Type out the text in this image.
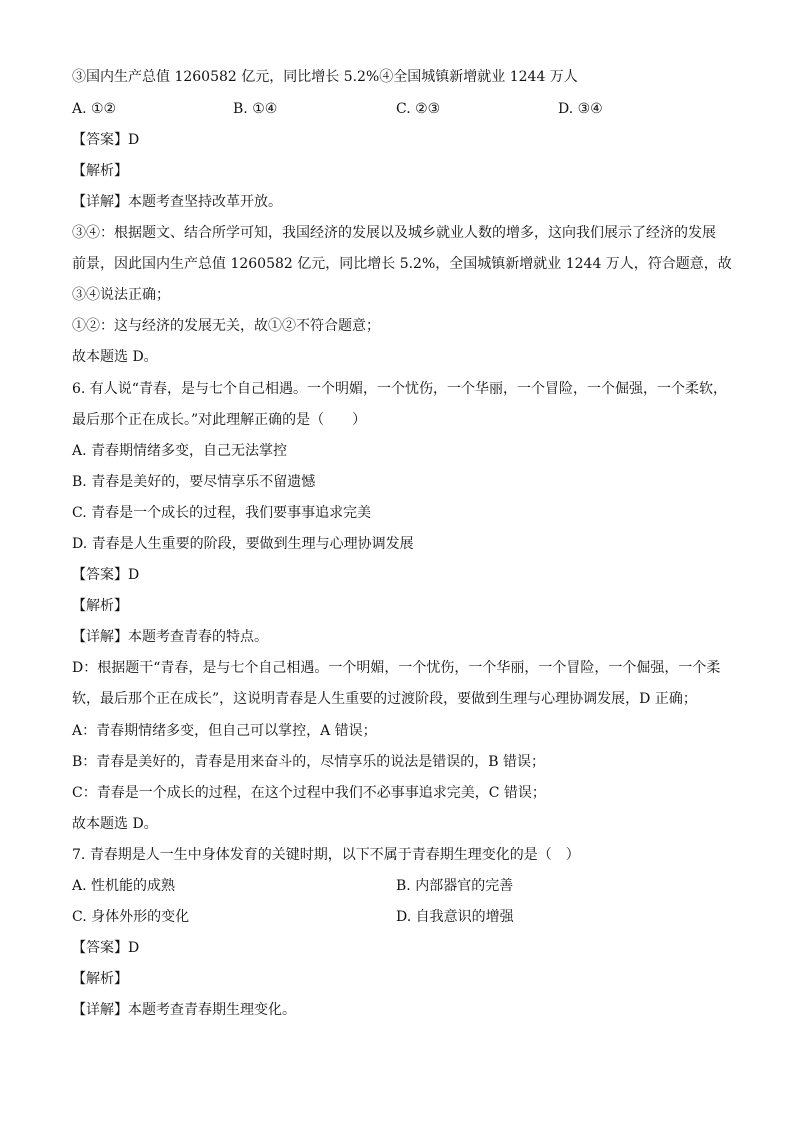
③国内生产总值 1260582 亿元，同比增长 5.2%④全国城镇新增就业 1244 万人
A. ①②	B. ①④	C. ②③	D. ③④
【答案】D
【解析】
【详解】本题考查坚持改革开放。
③④：根据题文、结合所学可知，我国经济的发展以及城乡就业人数的增多，这向我们展示了经济的发展
前景，因此国内生产总值 1260582 亿元，同比增长 5.2%，全国城镇新增就业 1244 万人，符合题意，故
③④说法正确；
①②：这与经济的发展无关，故①②不符合题意；
故本题选 D。
6. 有人说“青春，是与七个自己相遇。一个明媚，一个忧伤，一个华丽，一个冒险，一个倔强，一个柔软，
最后那个正在成长。”对此理解正确的是（　　）
A. 青春期情绪多变，自己无法掌控
B. 青春是美好的，要尽情享乐不留遗憾
C. 青春是一个成长的过程，我们要事事追求完美
D. 青春是人生重要的阶段，要做到生理与心理协调发展
【答案】D
【解析】
【详解】本题考查青春的特点。
D：根据题干“青春，是与七个自己相遇。一个明媚，一个忧伤，一个华丽，一个冒险，一个倔强，一个柔
软，最后那个正在成长”，这说明青春是人生重要的过渡阶段，要做到生理与心理协调发展，D 正确；
A：青春期情绪多变，但自己可以掌控，A 错误；
B：青春是美好的，青春是用来奋斗的，尽情享乐的说法是错误的，B 错误；
C：青春是一个成长的过程，在这个过程中我们不必事事追求完美，C 错误；
故本题选 D。
7. 青春期是人一生中身体发育的关键时期，以下不属于青春期生理变化的是（　）
A. 性机能的成熟	B. 内部器官的完善
C. 身体外形的变化	D. 自我意识的增强
【答案】D
【解析】
【详解】本题考查青春期生理变化。
